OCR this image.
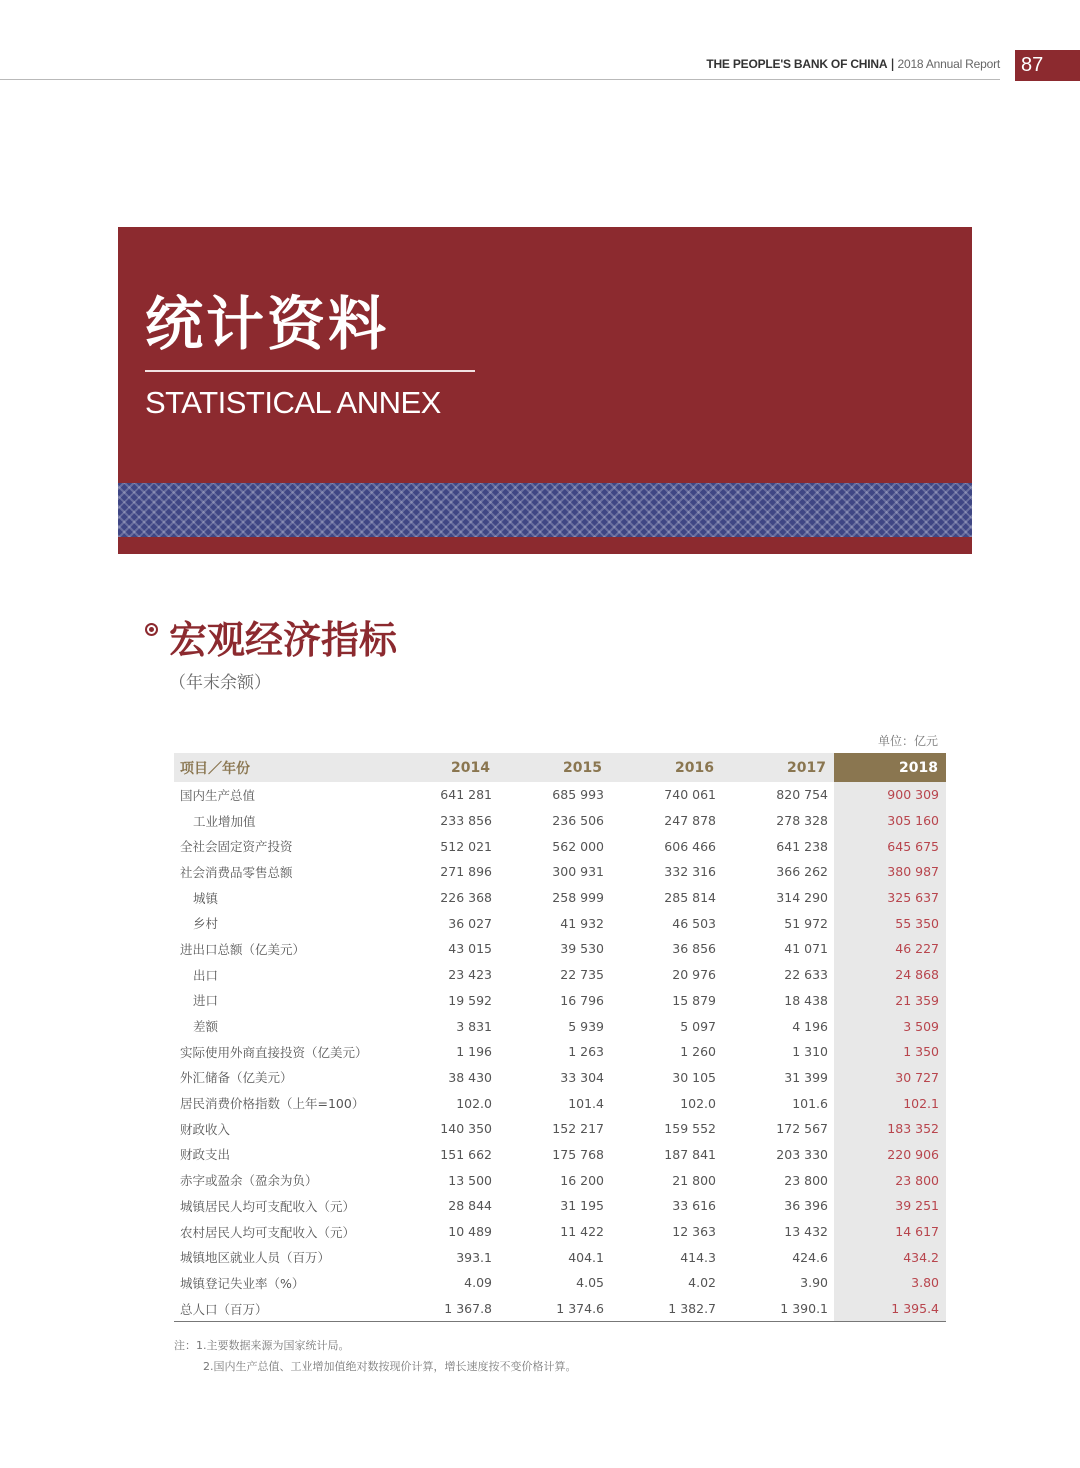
THE PEOPLE'S BANK OF CHINA | 2018 Annual Report	87
统计资料
STATISTICAL ANNEX
宏观经济指标
（年末余额）
单位：亿元
项目／年份	2014	2015	2016	2017	2018
国内生产总值	641 281	685 993	740 061	820 754	900 309
工业增加值	233 856	236 506	247 878	278 328	305 160
全社会固定资产投资	512 021	562 000	606 466	641 238	645 675
社会消费品零售总额	271 896	300 931	332 316	366 262	380 987
城镇	226 368	258 999	285 814	314 290	325 637
乡村	36 027	41 932	46 503	51 972	55 350
进出口总额（亿美元）	43 015	39 530	36 856	41 071	46 227
出口	23 423	22 735	20 976	22 633	24 868
进口	19 592	16 796	15 879	18 438	21 359
差额	3 831	5 939	5 097	4 196	3 509
实际使用外商直接投资（亿美元）	1 196	1 263	1 260	1 310	1 350
外汇储备（亿美元）	38 430	33 304	30 105	31 399	30 727
居民消费价格指数（上年=100）	102.0	101.4	102.0	101.6	102.1
财政收入	140 350	152 217	159 552	172 567	183 352
财政支出	151 662	175 768	187 841	203 330	220 906
赤字或盈余（盈余为负）	13 500	16 200	21 800	23 800	23 800
城镇居民人均可支配收入（元）	28 844	31 195	33 616	36 396	39 251
农村居民人均可支配收入（元）	10 489	11 422	12 363	13 432	14 617
城镇地区就业人员（百万）	393.1	404.1	414.3	424.6	434.2
城镇登记失业率（%）	4.09	4.05	4.02	3.90	3.80
总人口（百万）	1 367.8	1 374.6	1 382.7	1 390.1	1 395.4
注：1.主要数据来源为国家统计局。
2.国内生产总值、工业增加值绝对数按现价计算，增长速度按不变价格计算。
